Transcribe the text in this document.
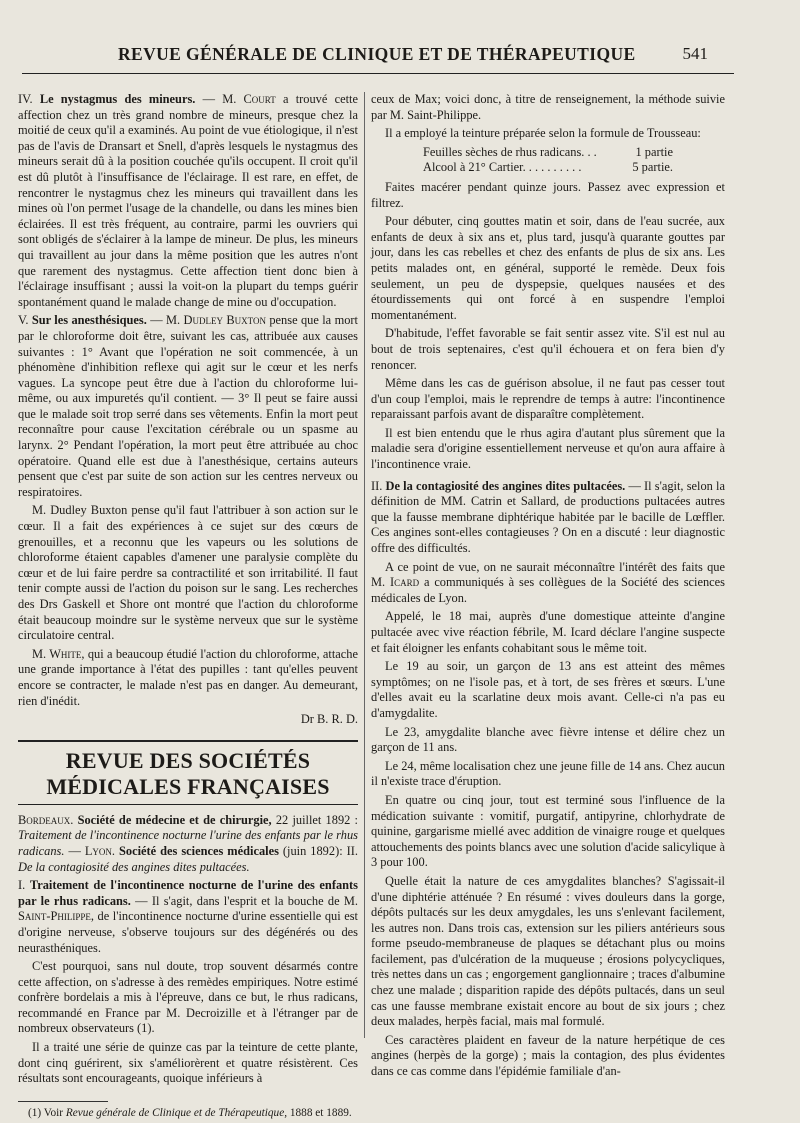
REVUE GÉNÉRALE DE CLINIQUE ET DE THÉRAPEUTIQUE	541

IV. Le nystagmus des mineurs. — M. Court a trouvé cette affection chez un très grand nombre de mineurs, presque chez la moitié de ceux qu'il a examinés. Au point de vue étiologique, il n'est pas de l'avis de Dransart et Snell, d'après lesquels le nystagmus des mineurs serait dû à la position couchée qu'ils occupent. Il croit qu'il est dû plutôt à l'insuffisance de l'éclairage. Il est rare, en effet, de rencontrer le nystagmus chez les mineurs qui travaillent dans les mines où l'on permet l'usage de la chandelle, ou dans les mines bien éclairées. Il est très fréquent, au contraire, parmi les ouvriers qui sont obligés de s'éclairer à la lampe de mineur. De plus, les mineurs qui travaillent au jour dans la même position que les autres n'ont que rarement des nystagmus. Cette affection tient donc bien à l'éclairage insuffisant ; aussi la voit-on la plupart du temps guérir spontanément quand le malade change de mine ou d'occupation.

V. Sur les anesthésiques. — M. Dudley Buxton pense que la mort par le chloroforme doit être, suivant les cas, attribuée aux causes suivantes : 1° Avant que l'opération ne soit commencée, à un phénomène d'inhibition reflexe qui agit sur le cœur et les nerfs vagues. La syncope peut être due à l'action du chloroforme lui-même, ou aux impuretés qu'il contient. — 3° Il peut se faire aussi que le malade soit trop serré dans ses vêtements. Enfin la mort peut reconnaître pour cause l'excitation cérébrale ou un spasme au larynx. 2° Pendant l'opération, la mort peut être attribuée au choc opératoire. Quand elle est due à l'anesthésique, certains auteurs pensent que c'est par suite de son action sur les centres nerveux ou respiratoires.

M. Dudley Buxton pense qu'il faut l'attribuer à son action sur le cœur. Il a fait des expériences à ce sujet sur des cœurs de grenouilles, et a reconnu que les vapeurs ou les solutions de chloroforme étaient capables d'amener une paralysie complète du cœur et de lui faire perdre sa contractilité et son irritabilité. Il faut tenir compte aussi de l'action du poison sur le sang. Les recherches des Drs Gaskell et Shore ont montré que l'action du chloroforme était beaucoup moindre sur le système nerveux que sur le système circulatoire central.

M. White, qui a beaucoup étudié l'action du chloroforme, attache une grande importance à l'état des pupilles : tant qu'elles peuvent encore se contracter, le malade n'est pas en danger. Au demeurant, rien d'inédit.

Dr B. R. D.
REVUE DES SOCIÉTÉS MÉDICALES FRANÇAISES

Bordeaux. Société de médecine et de chirurgie, 22 juillet 1892 : Traitement de l'incontinence nocturne l'urine des enfants par le rhus radicans. — Lyon. Société des sciences médicales (juin 1892): II. De la contagiosité des angines dites pultacées.

I. Traitement de l'incontinence nocturne de l'urine des enfants par le rhus radicans. — Il s'agit, dans l'esprit et la bouche de M. Saint-Philippe, de l'incontinence nocturne d'urine essentielle qui est d'origine nerveuse, s'observe toujours sur des dégénérés ou des neurasthéniques.

C'est pourquoi, sans nul doute, trop souvent désarmés contre cette affection, on s'adresse à des remèdes empiriques. Notre estimé confrère bordelais a mis à l'épreuve, dans ce but, le rhus radicans, recommandé en France par M. Decroizille et à l'étranger par de nombreux observateurs (1).

Il a traité une série de quinze cas par la teinture de cette plante, dont cinq guérirent, six s'améliorèrent et quatre résistèrent. Ces résultats sont encourageants, quoique inférieurs à

(1) Voir Revue générale de Clinique et de Thérapeutique, 1888 et 1889.

ceux de Max; voici donc, à titre de renseignement, la méthode suivie par M. Saint-Philippe.

Il a employé la teinture préparée selon la formule de Trousseau:

Feuilles sèches de rhus radicans. . .	1 partie
Alcool à 21° Cartier. . . . . . . . . .	5 partie.

Faites macérer pendant quinze jours. Passez avec expression et filtrez.

Pour débuter, cinq gouttes matin et soir, dans de l'eau sucrée, aux enfants de deux à six ans et, plus tard, jusqu'à quarante gouttes par jour, dans les cas rebelles et chez des enfants de plus de six ans. Les petits malades ont, en général, supporté le remède. Deux fois seulement, un peu de dyspepsie, quelques nausées et des étourdissements qui ont forcé à en suspendre l'emploi momentanément.

D'habitude, l'effet favorable se fait sentir assez vite. S'il est nul au bout de trois septenaires, c'est qu'il échouera et on fera bien d'y renoncer.

Même dans les cas de guérison absolue, il ne faut pas cesser tout d'un coup l'emploi, mais le reprendre de temps à autre: l'incontinence reparaissant parfois avant de disparaître complètement.

Il est bien entendu que le rhus agira d'autant plus sûrement que la maladie sera d'origine essentiellement nerveuse et qu'on aura affaire à l'incontinence vraie.

II. De la contagiosité des angines dites pultacées. — Il s'agit, selon la définition de MM. Catrin et Sallard, de productions pultacées autres que la fausse membrane diphtérique habitée par le bacille de Lœffler. Ces angines sont-elles contagieuses ? On en a discuté : leur diagnostic offre des difficultés.

A ce point de vue, on ne saurait méconnaître l'intérêt des faits que M. Icard a communiqués à ses collègues de la Société des sciences médicales de Lyon.

Appelé, le 18 mai, auprès d'une domestique atteinte d'angine pultacée avec vive réaction fébrile, M. Icard déclare l'angine suspecte et fait éloigner les enfants cohabitant sous le même toit.

Le 19 au soir, un garçon de 13 ans est atteint des mêmes symptômes; on ne l'isole pas, et à tort, de ses frères et sœurs. L'une d'elles avait eu la scarlatine deux mois avant. Celle-ci n'a pas eu d'amygdalite.

Le 23, amygdalite blanche avec fièvre intense et délire chez un garçon de 11 ans.

Le 24, même localisation chez une jeune fille de 14 ans. Chez aucun il n'existe trace d'éruption.

En quatre ou cinq jour, tout est terminé sous l'influence de la médication suivante : vomitif, purgatif, antipyrine, chlorhydrate de quinine, gargarisme miellé avec addition de vinaigre rouge et quelques attouchements des points blancs avec une solution d'acide salicylique à 3 pour 100.

Quelle était la nature de ces amygdalites blanches? S'agissait-il d'une diphtérie atténuée ? En résumé : vives douleurs dans la gorge, dépôts pultacés sur les deux amygdales, les uns s'enlevant facilement, les autres non. Dans trois cas, extension sur les piliers antérieurs sous forme pseudo-membraneuse de plaques se détachant plus ou moins facilement, pas d'ulcération de la muqueuse ; érosions polycycliques, très nettes dans un cas ; engorgement ganglionnaire ; traces d'albumine chez une malade ; disparition rapide des dépôts pultacés, dans un seul cas une fausse membrane existait encore au bout de six jours ; chez deux malades, herpès facial, mais mal formulé.

Ces caractères plaident en faveur de la nature herpétique de ces angines (herpès de la gorge) ; mais la contagion, des plus évidentes dans ce cas comme dans l'épidémie familiale d'an-
